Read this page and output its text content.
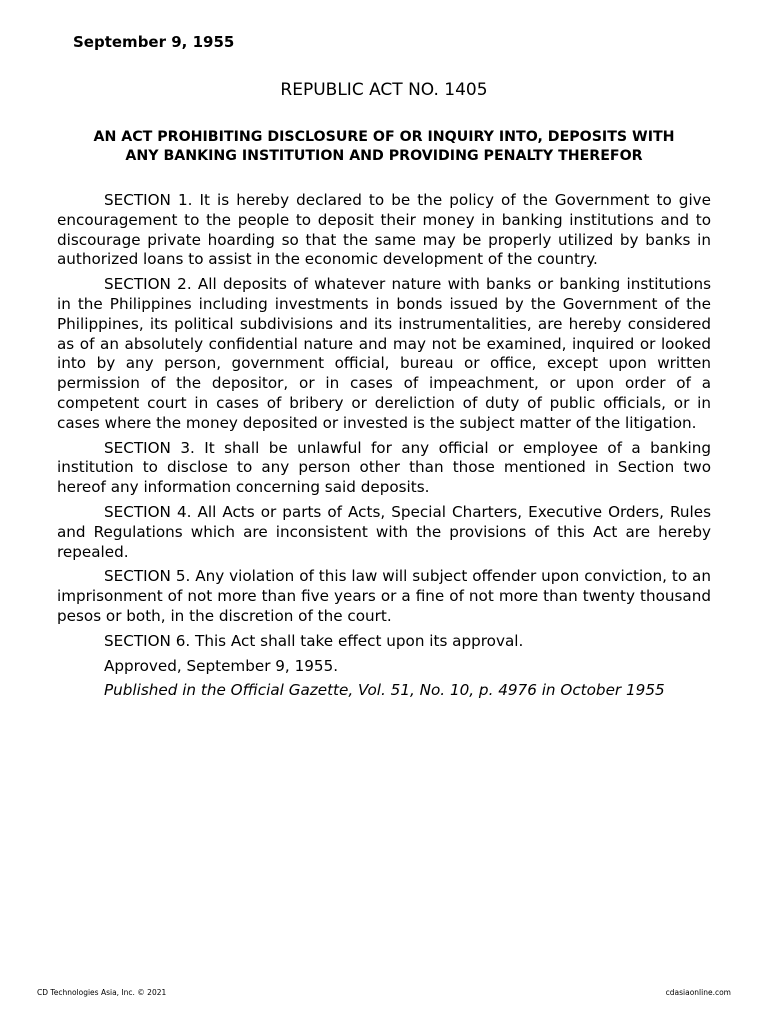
September 9, 1955
REPUBLIC ACT NO. 1405
AN ACT PROHIBITING DISCLOSURE OF OR INQUIRY INTO, DEPOSITS WITH
ANY BANKING INSTITUTION AND PROVIDING PENALTY THEREFOR

SECTION 1. It is hereby declared to be the policy of the Government to give encouragement to the people to deposit their money in banking institutions and to discourage private hoarding so that the same may be properly utilized by banks in authorized loans to assist in the economic development of the country.

SECTION 2. All deposits of whatever nature with banks or banking institutions in the Philippines including investments in bonds issued by the Government of the Philippines, its political subdivisions and its instrumentalities, are hereby considered as of an absolutely confidential nature and may not be examined, inquired or looked into by any person, government official, bureau or office, except upon written permission of the depositor, or in cases of impeachment, or upon order of a competent court in cases of bribery or dereliction of duty of public officials, or in cases where the money deposited or invested is the subject matter of the litigation.

SECTION 3. It shall be unlawful for any official or employee of a banking institution to disclose to any person other than those mentioned in Section two hereof any information concerning said deposits.

SECTION 4. All Acts or parts of Acts, Special Charters, Executive Orders, Rules and Regulations which are inconsistent with the provisions of this Act are hereby repealed.

SECTION 5. Any violation of this law will subject offender upon conviction, to an imprisonment of not more than five years or a fine of not more than twenty thousand pesos or both, in the discretion of the court.

SECTION 6. This Act shall take effect upon its approval.

Approved, September 9, 1955.

Published in the Official Gazette, Vol. 51, No. 10, p. 4976 in October 1955

CD Technologies Asia, Inc. © 2021	cdasiaonline.com
